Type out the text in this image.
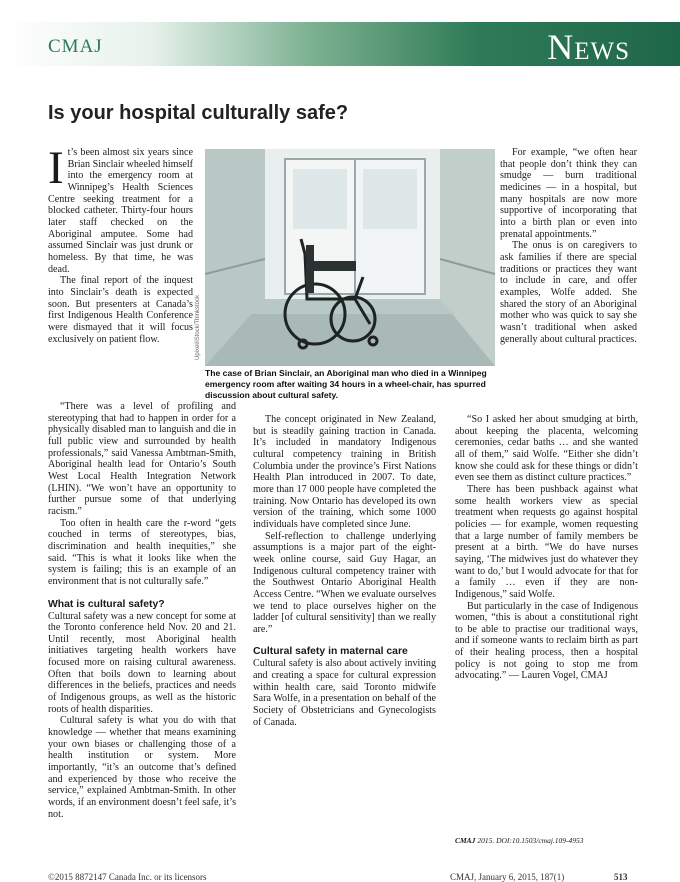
CMAJ	News
Is your hospital culturally safe?
Upixel/iStock/Thinkstock

The case of Brian Sinclair, an Aboriginal man who died in a Winnipeg emergency room after waiting 34 hours in a wheel-chair, has spurred discussion about cultural safety.

It’s been almost six years since Brian Sinclair wheeled himself into the emergency room at Winnipeg’s Health Sciences Centre seeking treatment for a blocked catheter. Thirty-four hours later staff checked on the Aboriginal amputee. Some had assumed Sinclair was just drunk or homeless. By that time, he was dead.

The final report of the inquest into Sinclair’s death is expected soon. But presenters at Canada’s first Indigenous Health Conference were dismayed that it will focus exclusively on patient flow.

“There was a level of profiling and stereotyping that had to happen in order for a physically disabled man to languish and die in full public view and surrounded by health professionals,” said Vanessa Ambtman-Smith, Aboriginal health lead for Ontario’s South West Local Health Integration Network (LHIN). “We won’t have an opportunity to further pursue some of that underlying racism.”

Too often in health care the r-word “gets couched in terms of stereotypes, bias, discrimination and health inequities,” she said. “This is what it looks like when the system is failing; this is an example of an environment that is not culturally safe.”

What is cultural safety?

Cultural safety was a new concept for some at the Toronto conference held Nov. 20 and 21. Until recently, most Aboriginal health initiatives targeting health workers have focused more on raising cultural awareness. Often that boils down to learning about differences in the beliefs, practices and needs of Indigenous groups, as well as the historic roots of health disparities.

Cultural safety is what you do with that knowledge — whether that means examining your own biases or challenging those of a health institution or system. More importantly, “it’s an outcome that’s defined and experienced by those who receive the service,” explained Ambtman-Smith. In other words, if an environment doesn’t feel safe, it’s not.

The concept originated in New Zealand, but is steadily gaining traction in Canada. It’s included in mandatory Indigenous cultural competency training in British Columbia under the province’s First Nations Health Plan introduced in 2007. To date, more than 17 000 people have completed the training. Now Ontario has developed its own version of the training, which some 1000 individuals have completed since June.

Self-reflection to challenge underlying assumptions is a major part of the eight-week online course, said Guy Hagar, an Indigenous cultural competency trainer with the Southwest Ontario Aboriginal Health Access Centre. “When we evaluate ourselves we tend to place ourselves higher on the ladder [of cultural sensitivity] than we really are.”

Cultural safety in maternal care

Cultural safety is also about actively inviting and creating a space for cultural expression within health care, said Toronto midwife Sara Wolfe, in a presentation on behalf of the Society of Obstetricians and Gynecologists of Canada.

For example, “we often hear that people don’t think they can smudge — burn traditional medicines — in a hospital, but many hospitals are now more supportive of incorporating that into a birth plan or even into prenatal appointments.”

The onus is on caregivers to ask families if there are special traditions or practices they want to include in care, and offer examples, Wolfe added. She shared the story of an Aboriginal mother who was quick to say she wasn’t traditional when asked generally about cultural practices.

“So I asked her about smudging at birth, about keeping the placenta, welcoming ceremonies, cedar baths … and she wanted all of them,” said Wolfe. “Either she didn’t know she could ask for these things or didn’t even see them as distinct culture practices.”

There has been pushback against what some health workers view as special treatment when requests go against hospital policies — for example, women requesting that a large number of family members be present at a birth. “We do have nurses saying, ‘The midwives just do whatever they want to do,’ but I would advocate for that for a family … even if they are non-Indigenous,” said Wolfe.

But particularly in the case of Indigenous women, “this is about a constitutional right to be able to practise our traditional ways, and if someone wants to reclaim birth as part of their healing process, then a hospital policy is not going to stop me from advocating.” — Lauren Vogel, CMAJ

CMAJ 2015. DOI:10.1503/cmaj.109-4953
©2015 8872147 Canada Inc. or its licensors	CMAJ, January 6, 2015, 187(1)	513
